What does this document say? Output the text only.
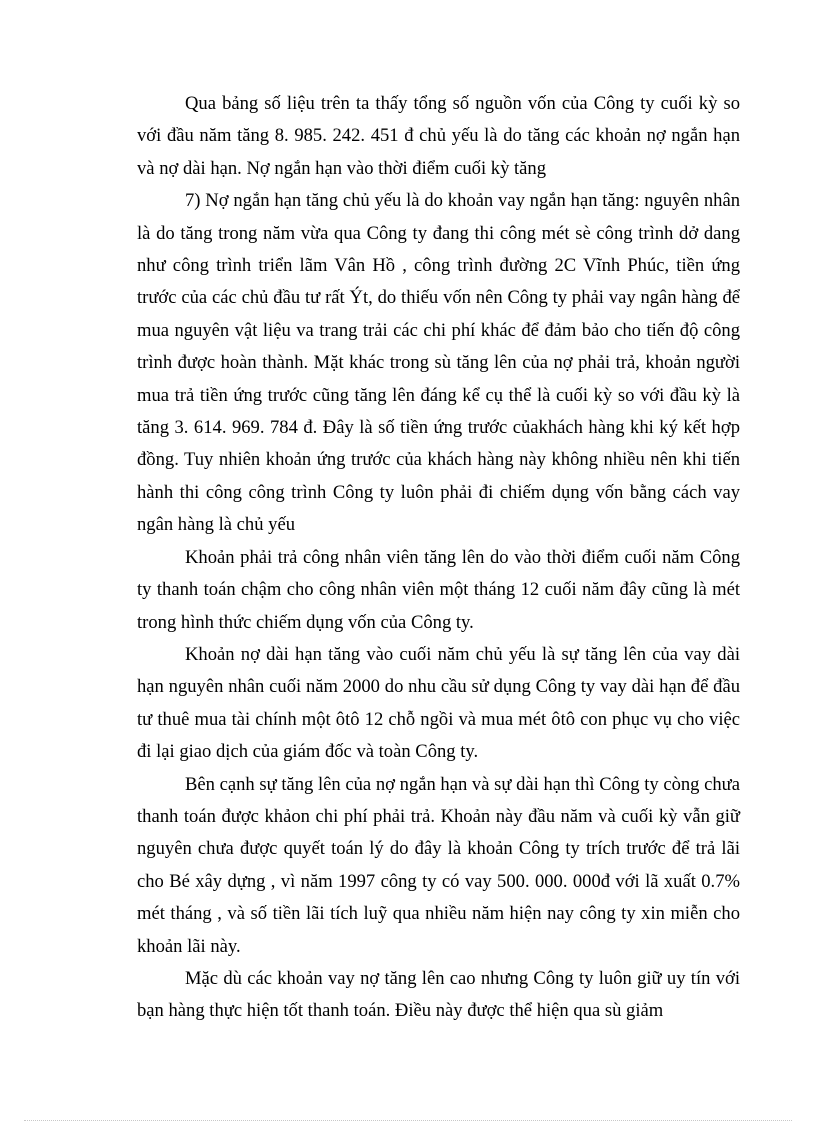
Qua bảng số liệu trên ta thấy tổng số nguồn vốn của Công ty cuối kỳ so với đầu năm tăng 8. 985. 242. 451 đ chủ yếu là do tăng các khoản nợ ngắn hạn và nợ dài hạn. Nợ ngắn hạn vào thời điểm cuối kỳ tăng

7) Nợ ngắn hạn tăng chủ yếu là do khoản vay ngắn hạn tăng: nguyên nhân là do tăng trong năm vừa qua Công ty đang thi công mét sè công trình dở dang như công trình triển lãm Vân Hồ , công trình đường 2C Vĩnh Phúc, tiền ứng trước của các chủ đầu tư rất Ýt, do thiếu vốn nên Công ty phải vay ngân hàng để mua nguyên vật liệu va trang trải các chi phí khác để đảm bảo cho tiến độ công trình được hoàn thành. Mặt khác trong sù tăng lên của nợ phải trả, khoản người mua trả tiền ứng trước cũng tăng lên đáng kể cụ thể là cuối kỳ so với đầu kỳ là tăng 3. 614. 969. 784 đ. Đây là số tiền ứng trước củakhách hàng khi ký kết hợp đồng. Tuy nhiên khoản ứng trước của khách hàng này không nhiều nên khi tiến hành thi công công trình Công ty luôn phải đi chiếm dụng vốn bằng cách vay ngân hàng là chủ yếu

Khoản phải trả công nhân viên tăng lên do vào thời điểm cuối năm Công ty thanh toán chậm cho công nhân viên một tháng 12 cuối năm đây cũng là mét trong hình thức chiếm dụng vốn của Công ty.

Khoản nợ dài hạn tăng vào cuối năm chủ yếu là sự tăng lên của vay dài hạn nguyên nhân cuối năm 2000 do nhu cầu sử dụng Công ty vay dài hạn để đầu tư thuê mua tài chính một ôtô 12 chỗ ngồi và mua mét ôtô con phục vụ cho việc đi lại giao dịch của giám đốc và toàn Công ty.

Bên cạnh sự tăng lên của nợ ngắn hạn và sự dài hạn thì Công ty còng chưa thanh toán được khảon chi phí phải trả. Khoản này đầu năm và cuối kỳ vẫn giữ nguyên chưa được quyết toán lý do đây là khoản Công ty trích trước để trả lãi cho Bé xây dựng , vì năm 1997 công ty có vay 500. 000. 000đ với lã xuất 0.7% mét tháng , và số tiền lãi tích luỹ qua nhiều năm hiện nay công ty xin miễn cho khoản lãi này.

Mặc dù các khoản vay nợ tăng lên cao nhưng Công ty luôn giữ uy tín với bạn hàng thực hiện tốt thanh toán. Điều này được thể hiện qua sù giảm
